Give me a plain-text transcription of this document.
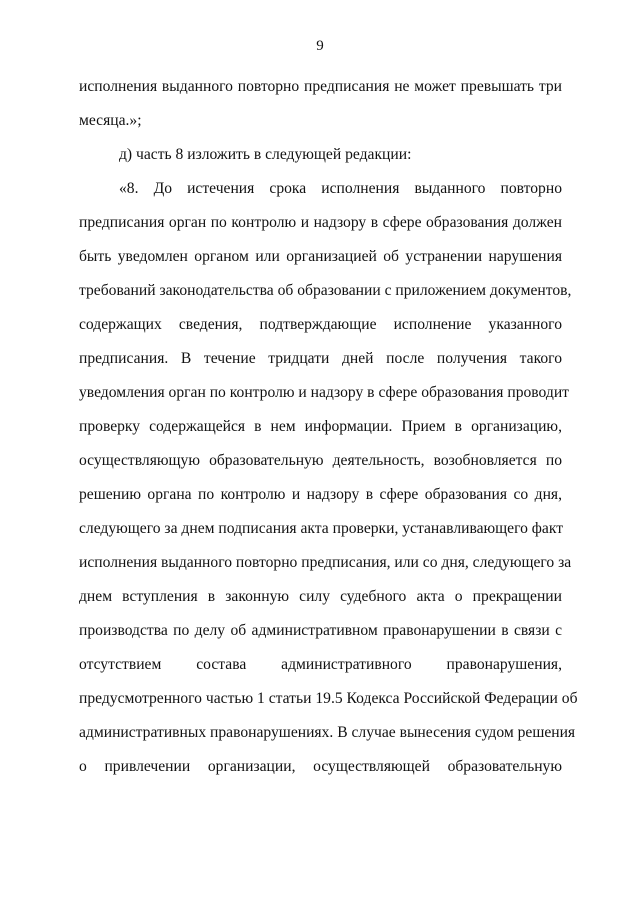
9
исполнения выданного повторно предписания не может превышать три
месяца.»;
д) часть 8 изложить в следующей редакции:
«8. До истечения срока исполнения выданного повторно
предписания орган по контролю и надзору в сфере образования должен
быть уведомлен органом или организацией об устранении нарушения
требований законодательства об образовании с приложением документов,
содержащих сведения, подтверждающие исполнение указанного
предписания. В течение тридцати дней после получения такого
уведомления орган по контролю и надзору в сфере образования проводит
проверку содержащейся в нем информации. Прием в организацию,
осуществляющую образовательную деятельность, возобновляется по
решению органа по контролю и надзору в сфере образования со дня,
следующего за днем подписания акта проверки, устанавливающего факт
исполнения выданного повторно предписания, или со дня, следующего за
днем вступления в законную силу судебного акта о прекращении
производства по делу об административном правонарушении в связи с
отсутствием состава административного правонарушения,
предусмотренного частью 1 статьи 19.5 Кодекса Российской Федерации об
административных правонарушениях. В случае вынесения судом решения
о привлечении организации, осуществляющей образовательную
